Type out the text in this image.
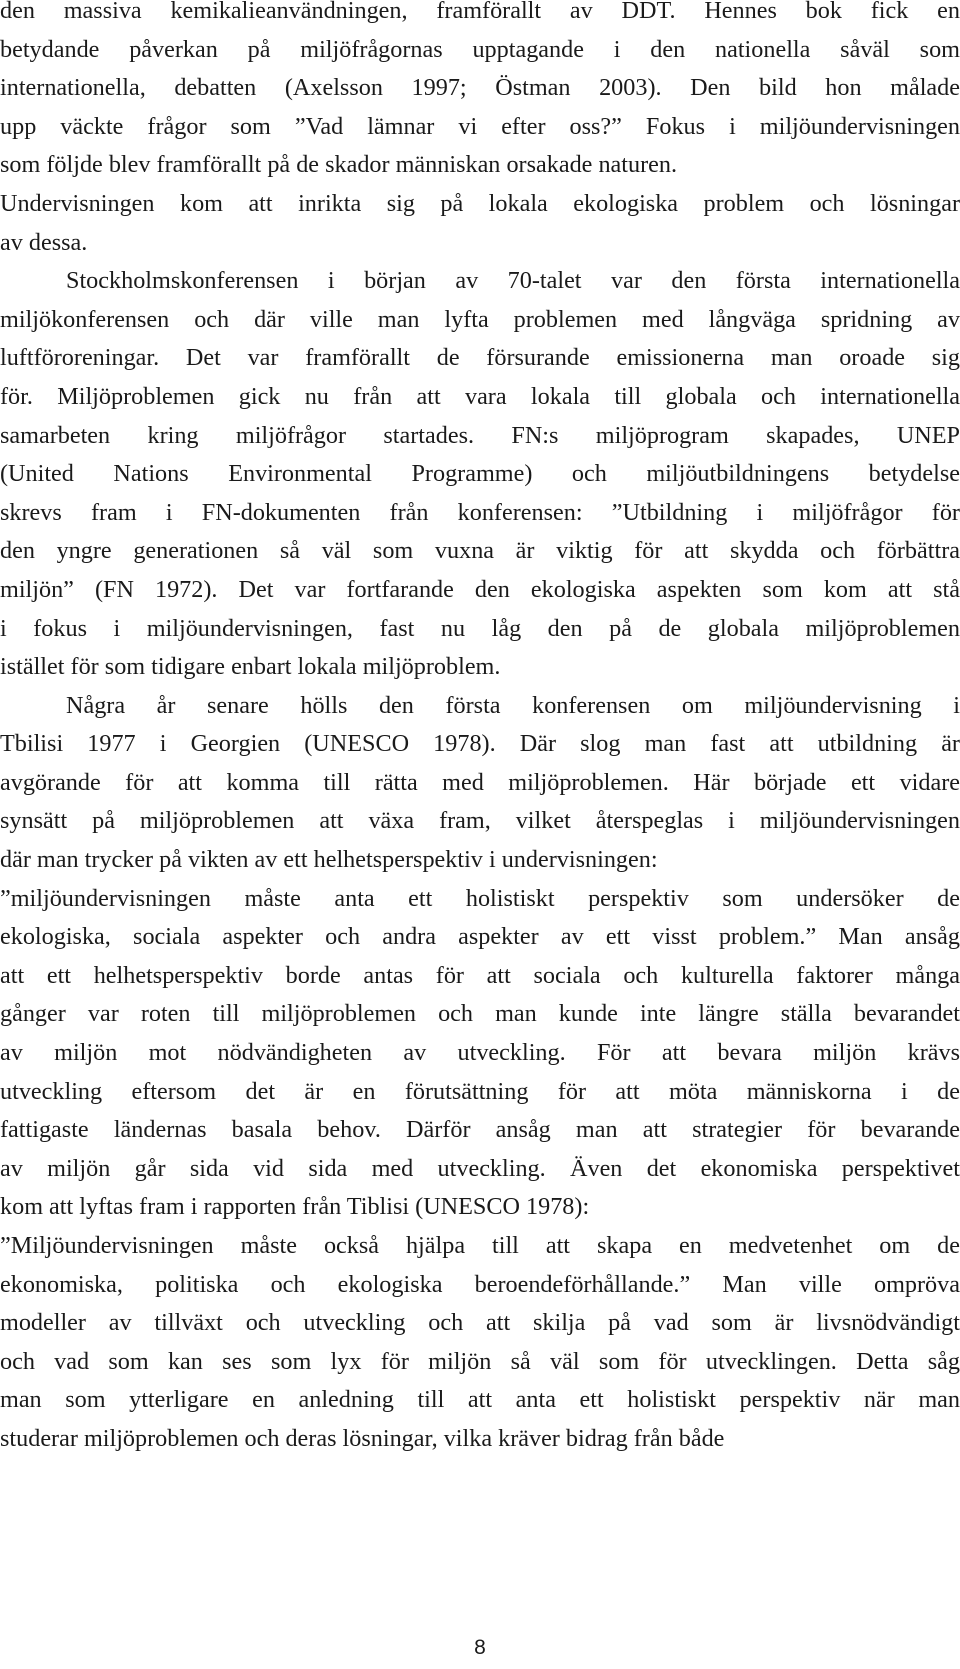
den massiva kemikalieanvändningen, framförallt av DDT. Hennes bok fick en
betydande påverkan på miljöfrågornas upptagande i den nationella såväl som
internationella, debatten (Axelsson 1997; Östman 2003). Den bild hon målade
upp väckte frågor som ”Vad lämnar vi efter oss?” Fokus i miljöundervisningen
som följde blev framförallt på de skador människan orsakade naturen.
Undervisningen kom att inrikta sig på lokala ekologiska problem och lösningar
av dessa.
Stockholmskonferensen i början av 70-talet var den första internationella
miljökonferensen och där ville man lyfta problemen med långväga spridning av
luftföroreningar. Det var framförallt de försurande emissionerna man oroade sig
för. Miljöproblemen gick nu från att vara lokala till globala och internationella
samarbeten kring miljöfrågor startades. FN:s miljöprogram skapades, UNEP
(United Nations Environmental Programme) och miljöutbildningens betydelse
skrevs fram i FN-dokumenten från konferensen: ”Utbildning i miljöfrågor för
den yngre generationen så väl som vuxna är viktig för att skydda och förbättra
miljön” (FN 1972). Det var fortfarande den ekologiska aspekten som kom att stå
i fokus i miljöundervisningen, fast nu låg den på de globala miljöproblemen
istället för som tidigare enbart lokala miljöproblem.
Några år senare hölls den första konferensen om miljöundervisning i
Tbilisi 1977 i Georgien (UNESCO 1978). Där slog man fast att utbildning är
avgörande för att komma till rätta med miljöproblemen. Här började ett vidare
synsätt på miljöproblemen att växa fram, vilket återspeglas i miljöundervisningen
där man trycker på vikten av ett helhetsperspektiv i undervisningen:
”miljöundervisningen måste anta ett holistiskt perspektiv som undersöker de
ekologiska, sociala aspekter och andra aspekter av ett visst problem.” Man ansåg
att ett helhetsperspektiv borde antas för att sociala och kulturella faktorer många
gånger var roten till miljöproblemen och man kunde inte längre ställa bevarandet
av miljön mot nödvändigheten av utveckling. För att bevara miljön krävs
utveckling eftersom det är en förutsättning för att möta människorna i de
fattigaste ländernas basala behov. Därför ansåg man att strategier för bevarande
av miljön går sida vid sida med utveckling. Även det ekonomiska perspektivet
kom att lyftas fram i rapporten från Tiblisi (UNESCO 1978):
”Miljöundervisningen måste också hjälpa till att skapa en medvetenhet om de
ekonomiska, politiska och ekologiska beroendeförhållande.” Man ville ompröva
modeller av tillväxt och utveckling och att skilja på vad som är livsnödvändigt
och vad som kan ses som lyx för miljön så väl som för utvecklingen. Detta såg
man som ytterligare en anledning till att anta ett holistiskt perspektiv när man
studerar miljöproblemen och deras lösningar, vilka kräver bidrag från både
8
